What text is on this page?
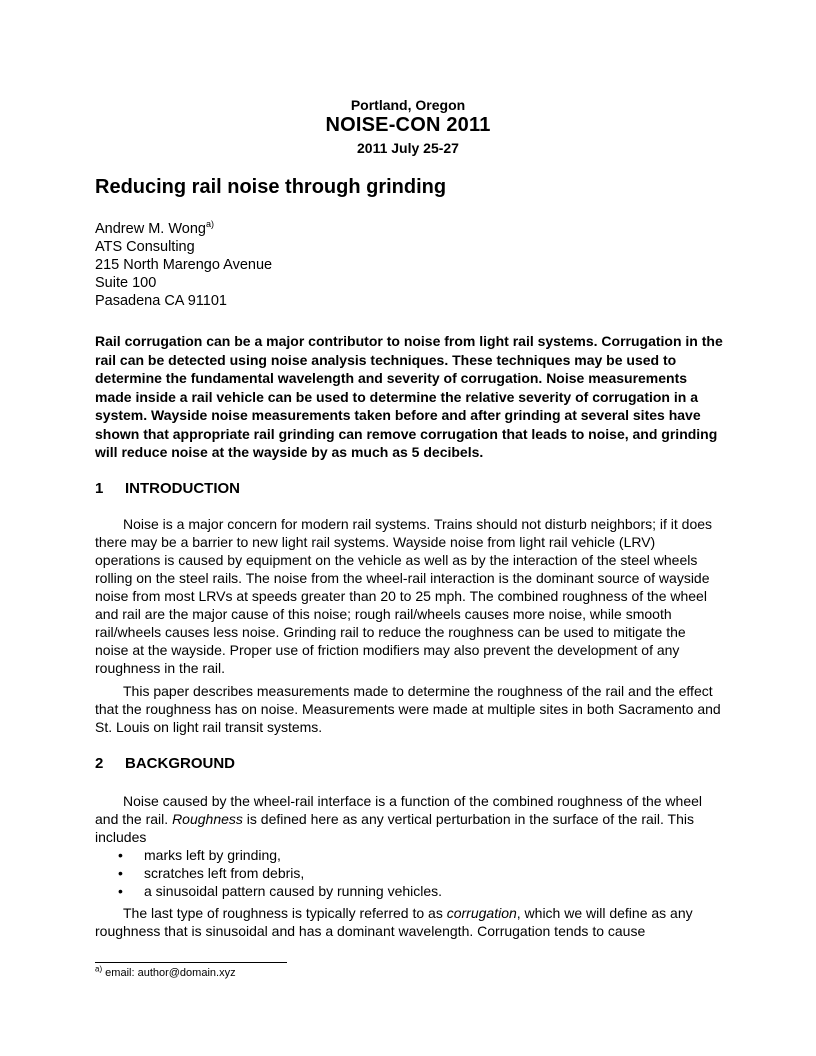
Portland, Oregon
NOISE-CON 2011
2011 July 25-27
Reducing rail noise through grinding
Andrew M. Wong$^{a)}$
ATS Consulting
215 North Marengo Avenue
Suite 100
Pasadena CA 91101

Rail corrugation can be a major contributor to noise from light rail systems. Corrugation in the rail can be detected using noise analysis techniques. These techniques may be used to determine the fundamental wavelength and severity of corrugation. Noise measurements made inside a rail vehicle can be used to determine the relative severity of corrugation in a system. Wayside noise measurements taken before and after grinding at several sites have shown that appropriate rail grinding can remove corrugation that leads to noise, and grinding will reduce noise at the wayside by as much as 5 decibels.

1 INTRODUCTION

Noise is a major concern for modern rail systems. Trains should not disturb neighbors; if it does there may be a barrier to new light rail systems. Wayside noise from light rail vehicle (LRV) operations is caused by equipment on the vehicle as well as by the interaction of the steel wheels rolling on the steel rails. The noise from the wheel-rail interaction is the dominant source of wayside noise from most LRVs at speeds greater than 20 to 25 mph. The combined roughness of the wheel and rail are the major cause of this noise; rough rail/wheels causes more noise, while smooth rail/wheels causes less noise. Grinding rail to reduce the roughness can be used to mitigate the noise at the wayside. Proper use of friction modifiers may also prevent the development of any roughness in the rail.

This paper describes measurements made to determine the roughness of the rail and the effect that the roughness has on noise. Measurements were made at multiple sites in both Sacramento and St. Louis on light rail transit systems.

2 BACKGROUND

Noise caused by the wheel-rail interface is a function of the combined roughness of the wheel and the rail. Roughness is defined here as any vertical perturbation in the surface of the rail. This includes

• marks left by grinding,
• scratches left from debris,
• a sinusoidal pattern caused by running vehicles.

The last type of roughness is typically referred to as corrugation, which we will define as any roughness that is sinusoidal and has a dominant wavelength. Corrugation tends to cause

$^{a)}$ email: author@domain.xyz
